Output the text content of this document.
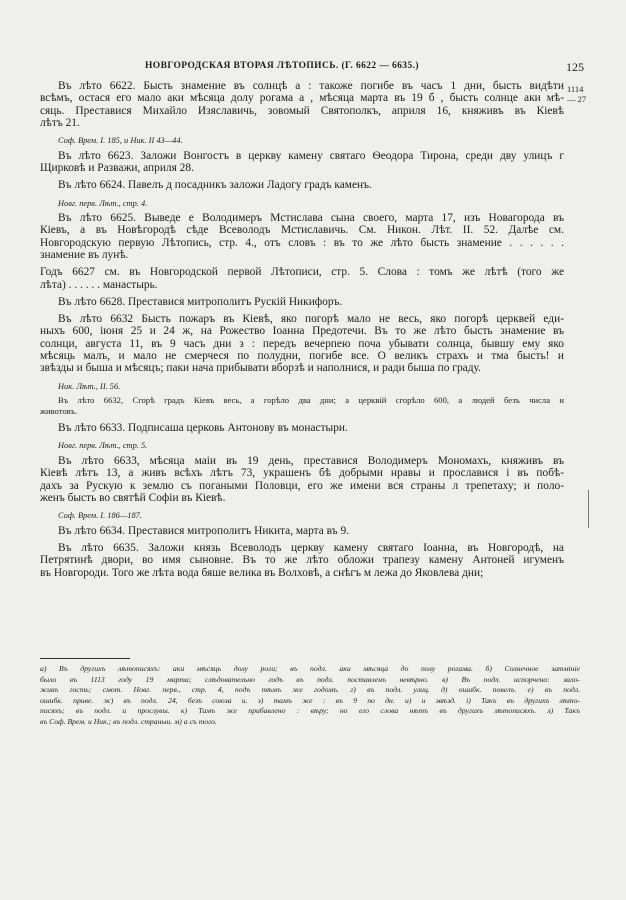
НОВГОРОДСКАЯ ВТОРАЯ ЛѢТОПИСЬ. (Г. 6622 — 6635.)	125
1114
— 27
Въ лѣто 6622. Бысть знамение въ солнцѣ а : такоже погибе въ часъ 1 дни, бысть видѣти
всѣмъ, остася его мало аки мѣсяца долу рогама а , мѣсяца марта въ 19 б , бысть солнце аки мѣ-
сяць. Преставися Михайло Изяславичь, зовомый Святополкъ, априля 16, княживъ въ Кіевѣ
лѣтъ 21.
Соф. Врем. I. 185, и Ник. II 43—44.
Въ лѣто 6623. Заложи Вонгостъ в церкву камену святаго Ѳеодора Тирона, среди дву улицъ г
Щирковѣ и Разважи, априля 28.
Въ лѣто 6624. Павелъ д посадникъ заложи Ладогу градъ каменъ.
Новг. перв. Лѣт., стр. 4.
Въ лѣто 6625. Выведе е Володимеръ Мстислава сына своего, марта 17, изъ Новагорода въ
Кіевъ, а въ Новѣгородѣ сѣде Всеволодъ Мстиславичь. См. Никон. Лѣт. II. 52. Далѣе см.
Новгородскую первую Лѣтопись, стр. 4., отъ словъ : въ то же лѣто бысть знамение . . . . . .
знамение въ лунѣ.
Годъ 6627 см. въ Новгородской первой Лѣтописи, стр. 5. Слова : томъ же лѣтѣ (того же
лѣта) . . . . . . манастырь.
Въ лѣто 6628. Преставися митрополитъ Рускій Никифоръ.
Въ лѣто 6632 Бысть пожаръ въ Кіевѣ, яко погорѣ мало не весь, яко погорѣ церквей еди-
ныхъ 600, іюня 25 и 24 ж, на Рожество Іоанна Предотечи. Въ то же лѣто бысть знамение въ
солнци, августа 11, въ 9 часъ дни з : передъ вечерпею поча убывати солнца, бывшу ему яко
мѣсяць малъ, и мало не смерчеся по полудни, погибе все. О великъ страхъ и тма бысть! и
звѣзды и быша и мѣсяцъ; паки нача прибывати вборзѣ и наполнися, и ради быша по граду.
Ник. Лѣт., II. 56.
Въ лѣто 6632, Сгорѣ градъ Кіевъ весь, а горѣло два дни; а церквій сгорѣло 600, а людей безъ числа и
животовъ.
Въ лѣто 6633. Подписаша церковь Антонову въ монастыри.
Новг. перв. Лѣт., стр. 5.
Въ лѣто 6633, мѣсяца маіи въ 19 день, преставися Володимеръ Мономахъ, княживъ въ
Кіевѣ лѣтъ 13, а живъ всѣхъ лѣтъ 73, украшенъ бѣ добрыми нравы и прославися і въ побѣ-
дахъ за Рускую к землю съ погаными Половци, его же имени вся страны л трепетаху; и поло-
женъ бысть во святѣй Софіи въ Кіевѣ.
Соф. Врем. I. 186—187.
Въ лѣто 6634. Преставися митрополитъ Никита, марта въ 9.
Въ лѣто 6635. Заложи князь Всеволодъ церкву камену святаго Іоанна, въ Новгородѣ, на
Петрятинѣ двори, во имя сыновне. Въ то же лѣто обложи трапезу камену Антоней игуменъ
въ Новгороди. Того же лѣта вода бяше велика въ Волховѣ, а снѣгъ м лежа до Яковлева дни;
а) Въ другихъ лѣтописяхъ: аки мѣсяць долу роги; въ подл. аки мѣсяца до полу рогама. б) Солнечное затмініе
было въ 1113 году 19 марта; слѣдовательно годъ въ подл. поставленъ невѣрно. в) Въ подл. испорчено: зало-
живъ гость; смот. Новг. перв., стр. 4, подъ тѣмъ же годомъ. г) въ подл. улиц. д) ошибк. повелъ. е) въ подл.
ошибк. приве. ж) въ подл. 24, безъ союза и. з) тамъ же : въ 9 по дн. и) и звѣзд. і) Такъ въ другихъ лѣто-
писяхъ; въ подл. и прослувы. к) Тамъ же прибавлено : вѣру; но его слова нѣтъ въ другихъ лѣтописяхъ. л) Такъ
въ Соф. Врем. и Ник.; въ подл. страныи. м) а съ того.
